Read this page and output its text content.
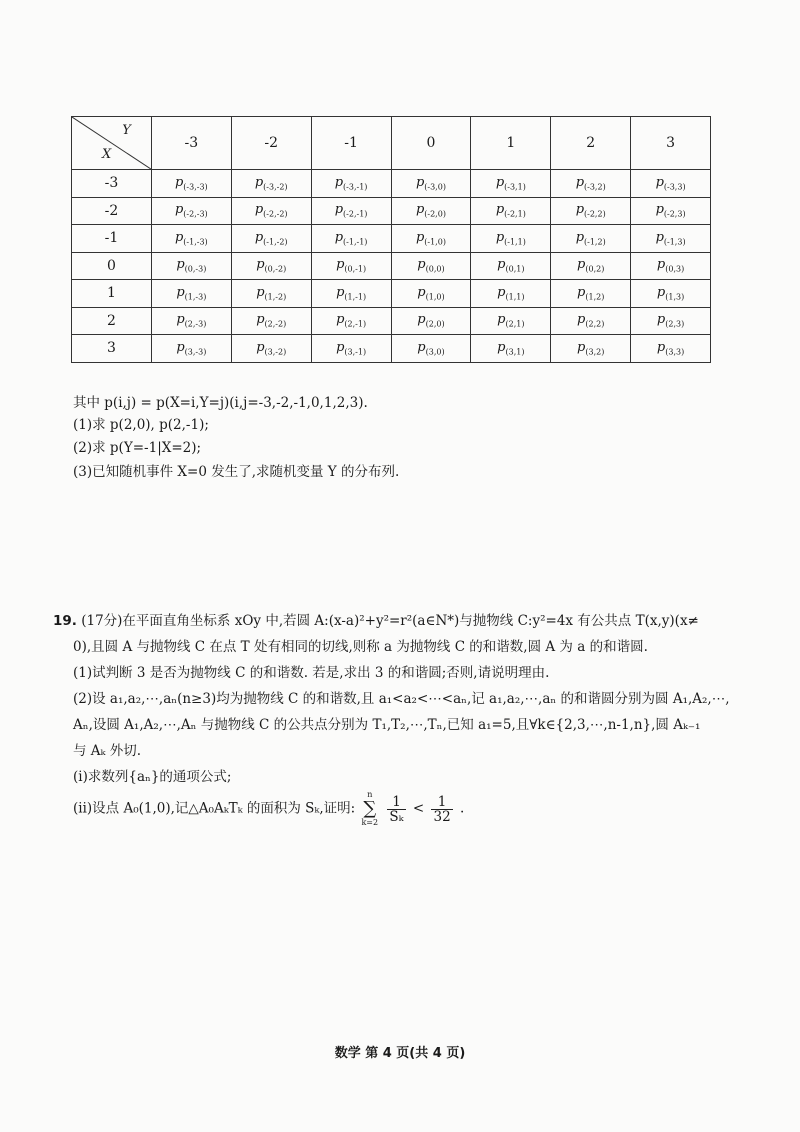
Y
X	-3	-2	-1	0	1	2	3
-3	$p_{(-3,-3)}$	$p_{(-3,-2)}$	$p_{(-3,-1)}$	$p_{(-3,0)}$	$p_{(-3,1)}$	$p_{(-3,2)}$	$p_{(-3,3)}$
-2	$p_{(-2,-3)}$	$p_{(-2,-2)}$	$p_{(-2,-1)}$	$p_{(-2,0)}$	$p_{(-2,1)}$	$p_{(-2,2)}$	$p_{(-2,3)}$
-1	$p_{(-1,-3)}$	$p_{(-1,-2)}$	$p_{(-1,-1)}$	$p_{(-1,0)}$	$p_{(-1,1)}$	$p_{(-1,2)}$	$p_{(-1,3)}$
0	$p_{(0,-3)}$	$p_{(0,-2)}$	$p_{(0,-1)}$	$p_{(0,0)}$	$p_{(0,1)}$	$p_{(0,2)}$	$p_{(0,3)}$
1	$p_{(1,-3)}$	$p_{(1,-2)}$	$p_{(1,-1)}$	$p_{(1,0)}$	$p_{(1,1)}$	$p_{(1,2)}$	$p_{(1,3)}$
2	$p_{(2,-3)}$	$p_{(2,-2)}$	$p_{(2,-1)}$	$p_{(2,0)}$	$p_{(2,1)}$	$p_{(2,2)}$	$p_{(2,3)}$
3	$p_{(3,-3)}$	$p_{(3,-2)}$	$p_{(3,-1)}$	$p_{(3,0)}$	$p_{(3,1)}$	$p_{(3,2)}$	$p_{(3,3)}$
其中 p(i,j) = p(X=i,Y=j)(i,j=-3,-2,-1,0,1,2,3).
(1)求 p(2,0), p(2,-1);
(2)求 p(Y=-1|X=2);
(3)已知随机事件 X=0 发生了,求随机变量 Y 的分布列.
19. (17分)在平面直角坐标系 xOy 中,若圆 A:(x-a)²+y²=r²(a∈N*)与抛物线 C:y²=4x 有公共点 T(x,y)(x≠
0),且圆 A 与抛物线 C 在点 T 处有相同的切线,则称 a 为抛物线 C 的和谐数,圆 A 为 a 的和谐圆.
(1)试判断 3 是否为抛物线 C 的和谐数. 若是,求出 3 的和谐圆;否则,请说明理由.
(2)设 a₁,a₂,⋯,aₙ(n≥3)均为抛物线 C 的和谐数,且 a₁<a₂<⋯<aₙ,记 a₁,a₂,⋯,aₙ 的和谐圆分别为圆 A₁,A₂,⋯,
Aₙ,设圆 A₁,A₂,⋯,Aₙ 与抛物线 C 的公共点分别为 T₁,T₂,⋯,Tₙ,已知 a₁=5,且∀k∈{2,3,⋯,n-1,n},圆 Aₖ₋₁
与 Aₖ 外切.
(ⅰ)求数列{aₙ}的通项公式;
(ⅱ)设点 A₀(1,0),记△A₀AₖTₖ 的面积为 Sₖ,证明:
n
∑
k=2
$\frac{1}{\text{Sₖ}} < \frac{1}{32}$ .
数学 第 4 页(共 4 页)
